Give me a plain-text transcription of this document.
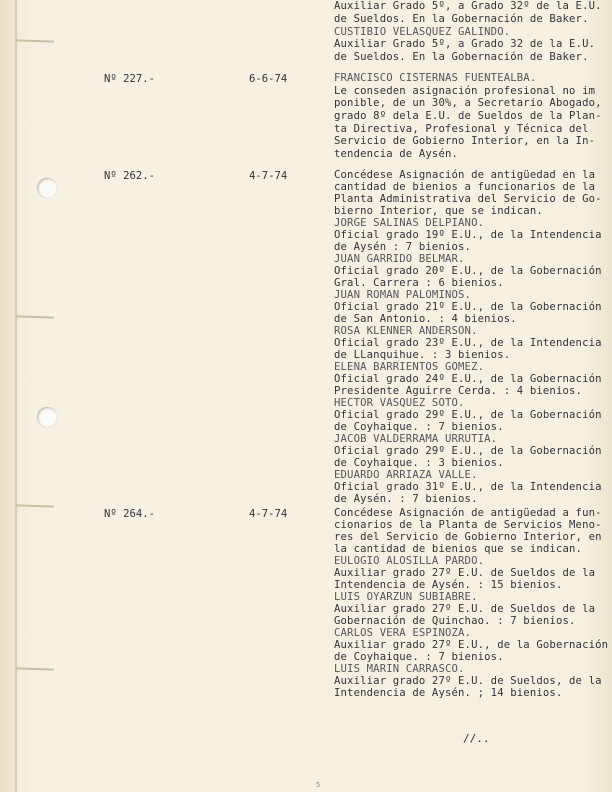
Auxiliar Grado 5º, a Grado 32º de la E.U.
de Sueldos. En la Gobernación de Baker.
CUSTIBIO VELASQUEZ GALINDO.
Auxiliar Grado 5º, a Grado 32 de la E.U.
de Sueldos. En la Gobernación de Baker.
Nº 227.-	6-6-74	FRANCISCO CISTERNAS FUENTEALBA.
Le conseden asignación profesional no im
ponible, de un 30%, a Secretario Abogado,
grado 8º dela E.U. de Sueldos de la Plan-
ta Directiva, Profesional y Técnica del
Servicio de Gobierno Interior, en la In-
tendencia de Aysén.
Nº 262.-	4-7-74	Concédese Asignación de antigüedad en la
cantidad de bienios a funcionarios de la
Planta Administrativa del Servicio de Go-
bierno Interior, que se indican.
JORGE SALINAS DELPIANO.
Oficial grado 19º E.U., de la Intendencia
de Aysén : 7 bienios.
JUAN GARRIDO BELMAR.
Oficial grado 20º E.U., de la Gobernación
Gral. Carrera : 6 bienios.
JUAN ROMAN PALOMINOS.
Oficial grado 21º E.U., de la Gobernación
de San Antonio. : 4 bienios.
ROSA KLENNER ANDERSON.
Oficial grado 23º E.U., de la Intendencia
de LLanquihue. : 3 bienios.
ELENA BARRIENTOS GOMEZ.
Oficial grado 24º E.U., de la Gobernación
Presidente Aguirre Cerda. : 4 bienios.
HECTOR VASQUEZ SOTO.
Oficial grado 29º E.U., de la Gobernación
de Coyhaique. : 7 bienios.
JACOB VALDERRAMA URRUTIA.
Oficial grado 29º E.U., de la Gobernación
de Coyhaique. : 3 bienios.
EDUARDO ARRIAZA VALLE.
Oficial grado 31º E.U., de la Intendencia
de Aysén. : 7 bienios.
Nº 264.-	4-7-74	Concédese Asignación de antigüedad a fun-
cionarios de la Planta de Servicios Meno-
res del Servicio de Gobierno Interior, en
la cantidad de bienios que se indican.
EULOGIO ALOSILLA PARDO.
Auxiliar grado 27º E.U. de Sueldos de la
Intendencia de Aysén. : 15 bienios.
LUIS OYARZUN SUBIABRE.
Auxiliar grado 27º E.U. de Sueldos de la
Gobernación de Quinchao. : 7 bienios.
CARLOS VERA ESPINOZA.
Auxiliar grado 27º E.U., de la Gobernación
de Coyhaique. : 7 bienios.
LUIS MARIN CARRASCO.
Auxiliar grado 27º E.U. de Sueldos, de la
Intendencia de Aysén. ; 14 bienios.
//..
5
